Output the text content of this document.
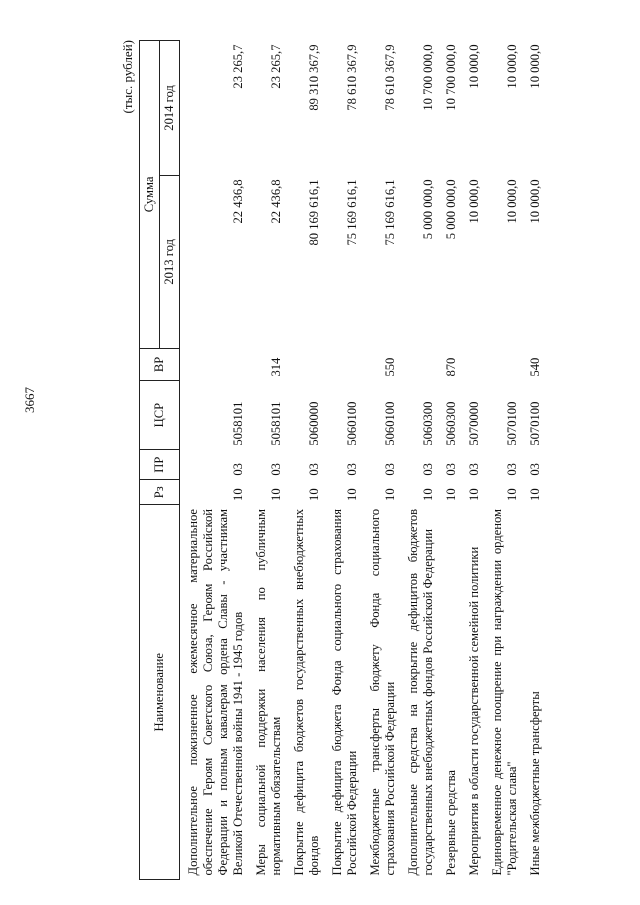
3667
(тыс. рублей)
Наименование	Рз	ПР	ЦСР	ВР	Сумма	
					2013 год	2014 год
Дополнительное пожизненное ежемесячное материальное обеспечение Героям Советского Союза, Героям Российской Федерации и полным кавалерам ордена Славы - участникам Великой Отечественной войны 1941 - 1945 годов	10	03	5058101		22 436,8	23 265,7
Меры социальной поддержки населения по публичным нормативным обязательствам	10	03	5058101	314	22 436,8	23 265,7
Покрытие дефицита бюджетов государственных внебюджетных фондов	10	03	5060000		80 169 616,1	89 310 367,9
Покрытие дефицита бюджета Фонда социального страхования Российской Федерации	10	03	5060100		75 169 616,1	78 610 367,9
Межбюджетные трансферты бюджету Фонда социального страхования Российской Федерации	10	03	5060100	550	75 169 616,1	78 610 367,9
Дополнительные средства на покрытие дефицитов бюджетов государственных внебюджетных фондов Российской Федерации	10	03	5060300		5 000 000,0	10 700 000,0
Резервные средства	10	03	5060300	870	5 000 000,0	10 700 000,0
Мероприятия в области государственной семейной политики	10	03	5070000		10 000,0	10 000,0
Единовременное денежное поощрение при награждении орденом "Родительская слава"	10	03	5070100		10 000,0	10 000,0
Иные межбюджетные трансферты	10	03	5070100	540	10 000,0	10 000,0
